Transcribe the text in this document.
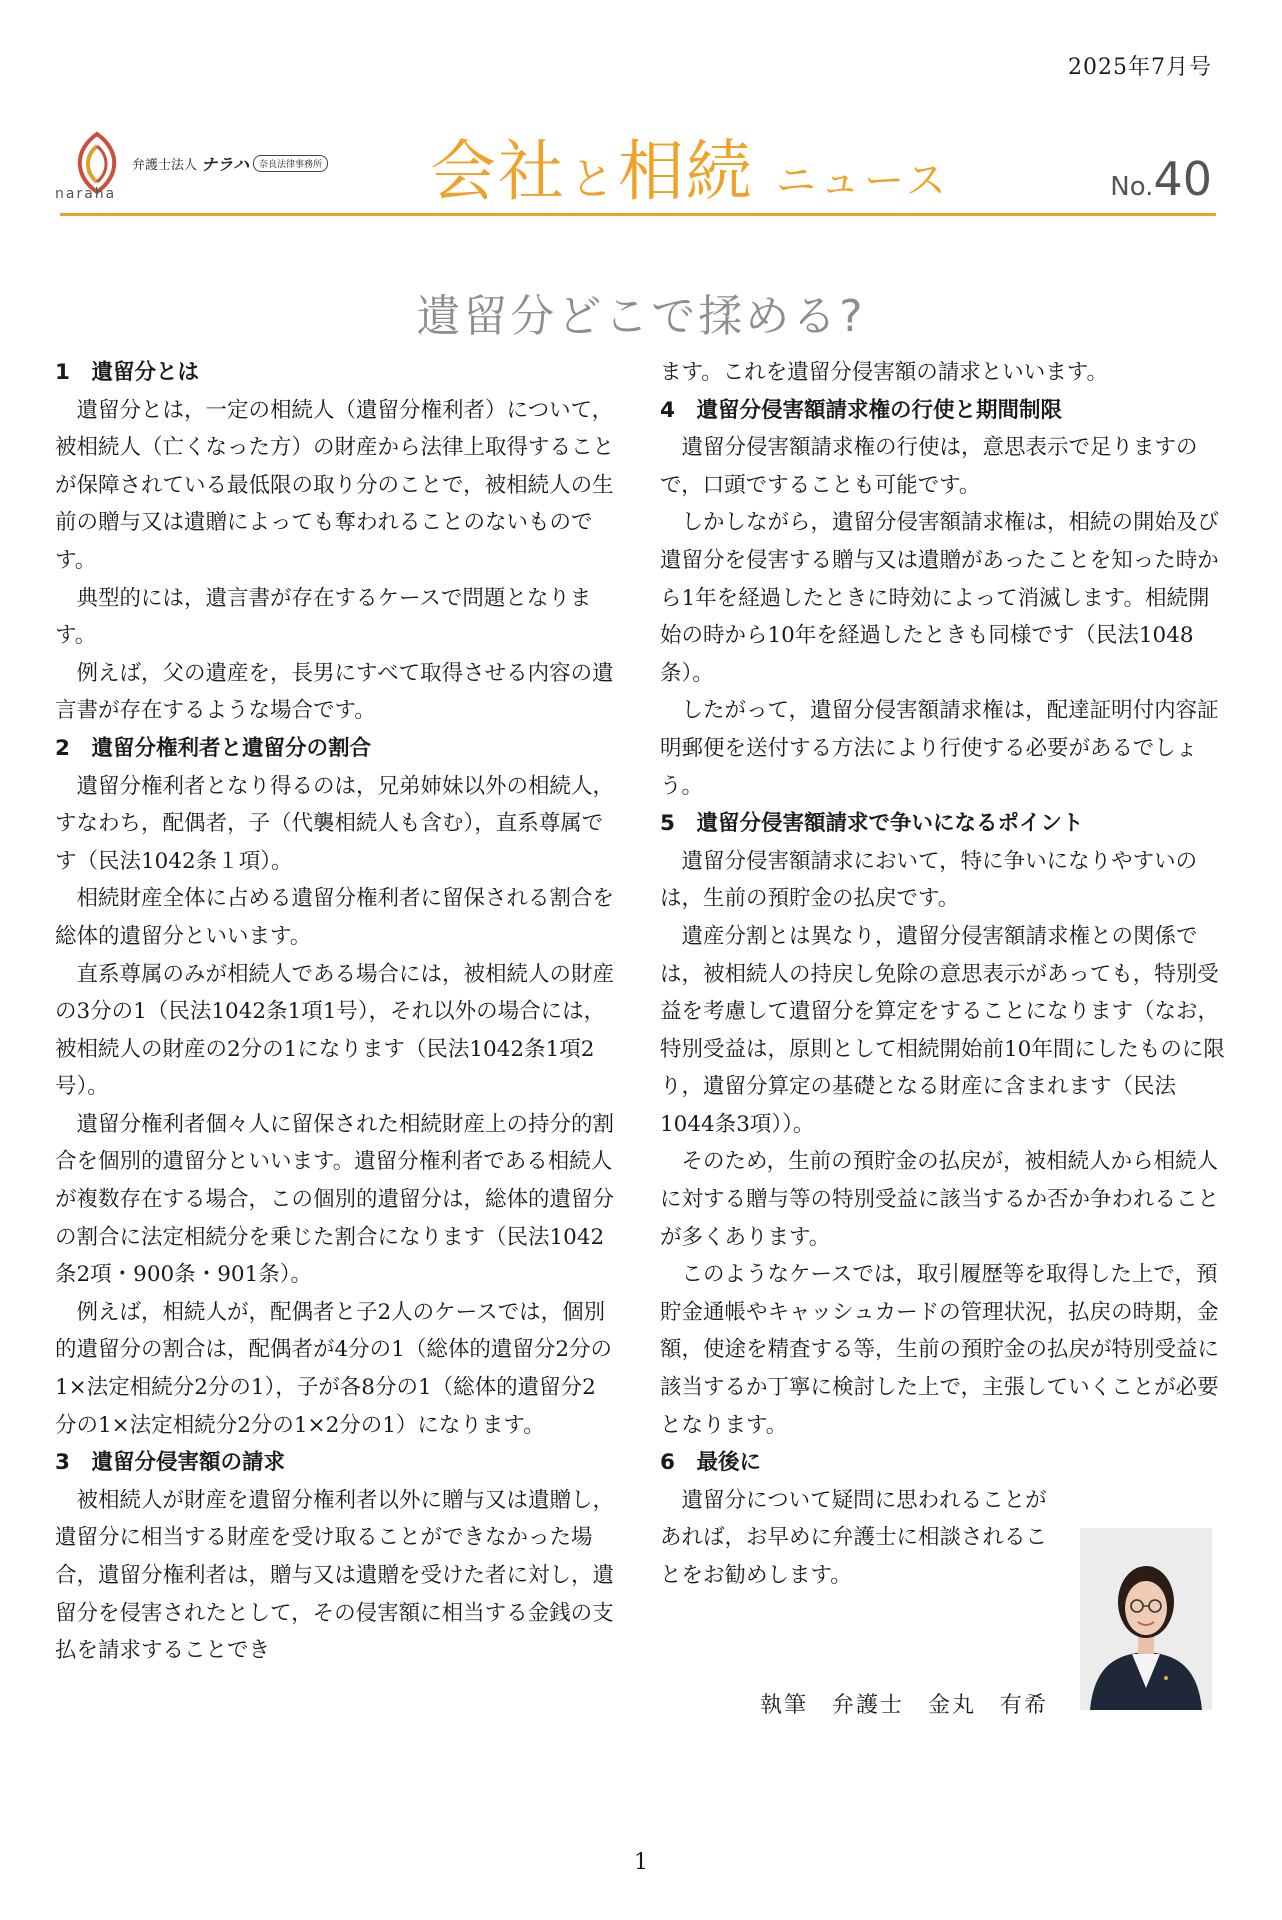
2025年7月号
naraha
弁護士法人 ナラハ	奈良法律事務所 会社と相続 ニュース	No.40
遺留分どこで揉める?
1　遺留分とは

遺留分とは，一定の相続人（遺留分権利者）について，被相続人（亡くなった方）の財産から法律上取得することが保障されている最低限の取り分のことで，被相続人の生前の贈与又は遺贈によっても奪われることのないものです。

典型的には，遺言書が存在するケースで問題となります。

例えば，父の遺産を，長男にすべて取得させる内容の遺言書が存在するような場合です。

2　遺留分権利者と遺留分の割合

遺留分権利者となり得るのは，兄弟姉妹以外の相続人，すなわち，配偶者，子（代襲相続人も含む），直系尊属です（民法1042条１項）。

相続財産全体に占める遺留分権利者に留保される割合を総体的遺留分といいます。

直系尊属のみが相続人である場合には，被相続人の財産の3分の1（民法1042条1項1号），それ以外の場合には，被相続人の財産の2分の1になります（民法1042条1項2号）。

遺留分権利者個々人に留保された相続財産上の持分的割合を個別的遺留分といいます。遺留分権利者である相続人が複数存在する場合，この個別的遺留分は，総体的遺留分の割合に法定相続分を乗じた割合になります（民法1042条2項・900条・901条）。

例えば，相続人が，配偶者と子2人のケースでは，個別的遺留分の割合は，配偶者が4分の1（総体的遺留分2分の1×法定相続分2分の1），子が各8分の1（総体的遺留分2分の1×法定相続分2分の1×2分の1）になります。

3　遺留分侵害額の請求

被相続人が財産を遺留分権利者以外に贈与又は遺贈し，遺留分に相当する財産を受け取ることができなかった場合，遺留分権利者は，贈与又は遺贈を受けた者に対し，遺留分を侵害されたとして，その侵害額に相当する金銭の支払を請求することでき

ます。これを遺留分侵害額の請求といいます。

4　遺留分侵害額請求権の行使と期間制限

遺留分侵害額請求権の行使は，意思表示で足りますので，口頭ですることも可能です。

しかしながら，遺留分侵害額請求権は，相続の開始及び遺留分を侵害する贈与又は遺贈があったことを知った時から1年を経過したときに時効によって消滅します。相続開始の時から10年を経過したときも同様です（民法1048条）。

したがって，遺留分侵害額請求権は，配達証明付内容証明郵便を送付する方法により行使する必要があるでしょう。

5　遺留分侵害額請求で争いになるポイント

遺留分侵害額請求において，特に争いになりやすいのは，生前の預貯金の払戻です。

遺産分割とは異なり，遺留分侵害額請求権との関係では，被相続人の持戻し免除の意思表示があっても，特別受益を考慮して遺留分を算定をすることになります（なお，特別受益は，原則として相続開始前10年間にしたものに限り，遺留分算定の基礎となる財産に含まれます（民法1044条3項））。

そのため，生前の預貯金の払戻が，被相続人から相続人に対する贈与等の特別受益に該当するか否か争われることが多くあります。

このようなケースでは，取引履歴等を取得した上で，預貯金通帳やキャッシュカードの管理状況，払戻の時期，金額，使途を精査する等，生前の預貯金の払戻が特別受益に該当するか丁寧に検討した上で，主張していくことが必要となります。

6　最後に

遺留分について疑問に思われることがあれば，お早めに弁護士に相談されることをお勧めします。

執筆　弁護士　金丸　有希
1
